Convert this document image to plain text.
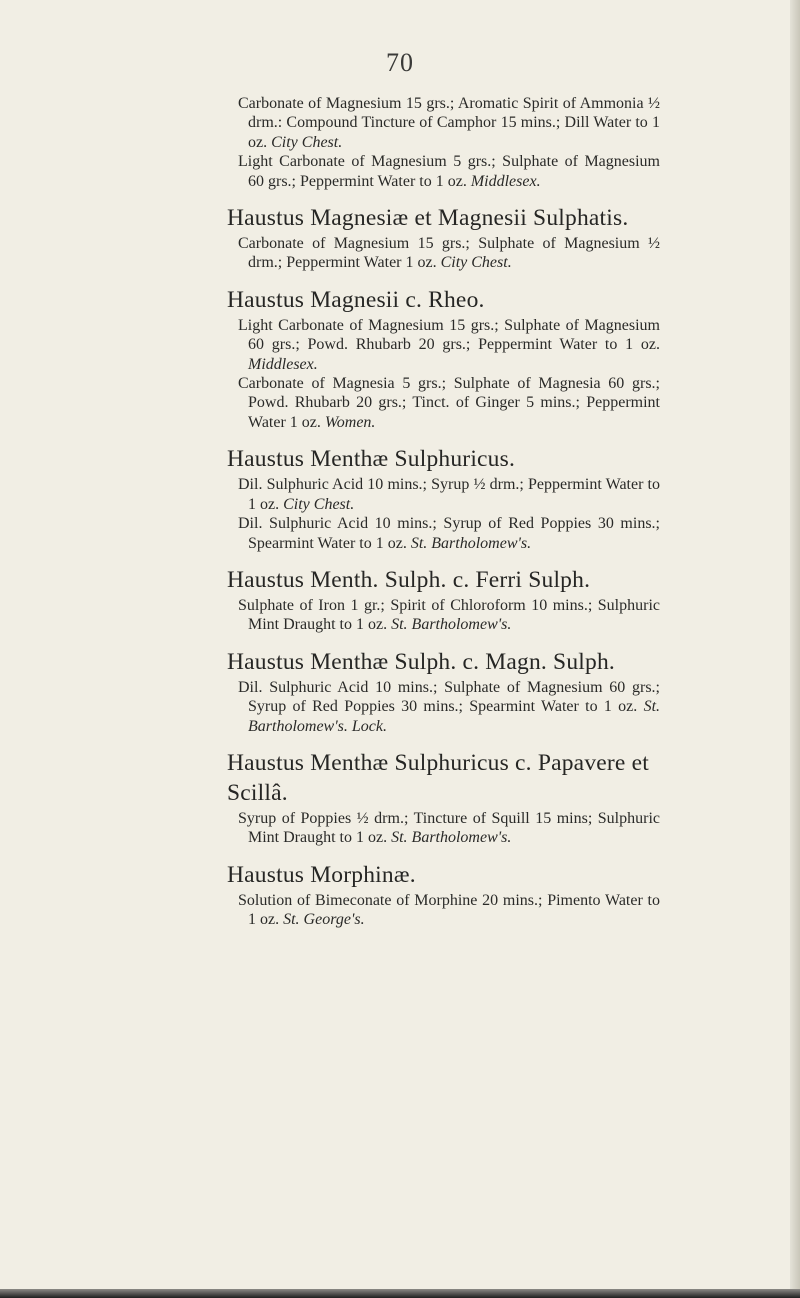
70

Carbonate of Magnesium 15 grs.; Aromatic Spirit of Ammonia ½ drm.: Compound Tincture of Camphor 15 mins.; Dill Water to 1 oz. City Chest.

Light Carbonate of Magnesium 5 grs.; Sulphate of Magnesium 60 grs.; Peppermint Water to 1 oz. Middlesex.

Haustus Magnesiæ et Magnesii Sulphatis.

Carbonate of Magnesium 15 grs.; Sulphate of Magnesium ½ drm.; Peppermint Water 1 oz. City Chest.

Haustus Magnesii c. Rheo.

Light Carbonate of Magnesium 15 grs.; Sulphate of Magnesium 60 grs.; Powd. Rhubarb 20 grs.; Peppermint Water to 1 oz. Middlesex.

Carbonate of Magnesia 5 grs.; Sulphate of Magnesia 60 grs.; Powd. Rhubarb 20 grs.; Tinct. of Ginger 5 mins.; Peppermint Water 1 oz. Women.

Haustus Menthæ Sulphuricus.

Dil. Sulphuric Acid 10 mins.; Syrup ½ drm.; Peppermint Water to 1 oz. City Chest.

Dil. Sulphuric Acid 10 mins.; Syrup of Red Poppies 30 mins.; Spearmint Water to 1 oz. St. Bartholomew's.

Haustus Menth. Sulph. c. Ferri Sulph.

Sulphate of Iron 1 gr.; Spirit of Chloroform 10 mins.; Sulphuric Mint Draught to 1 oz. St. Bartholomew's.

Haustus Menthæ Sulph. c. Magn. Sulph.

Dil. Sulphuric Acid 10 mins.; Sulphate of Magnesium 60 grs.; Syrup of Red Poppies 30 mins.; Spearmint Water to 1 oz. St. Bartholomew's. Lock.

Haustus Menthæ Sulphuricus c. Papavere et Scillâ.

Syrup of Poppies ½ drm.; Tincture of Squill 15 mins; Sulphuric Mint Draught to 1 oz. St. Bartholomew's.

Haustus Morphinæ.

Solution of Bimeconate of Morphine 20 mins.; Pimento Water to 1 oz. St. George's.
